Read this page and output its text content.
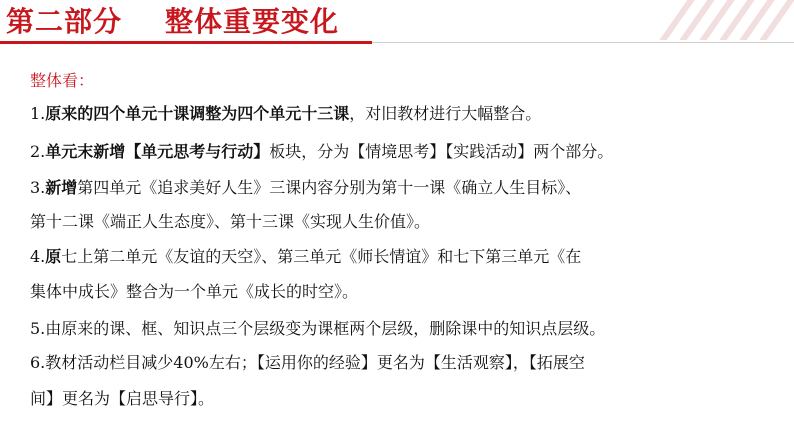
第二部分    整体重要变化
整体看：
1.原来的四个单元十课调整为四个单元十三课，对旧教材进行大幅整合。
2.单元末新增【单元思考与行动】板块，分为【情境思考】【实践活动】两个部分。
3.新增第四单元《追求美好人生》三课内容分别为第十一课《确立人生目标》、
第十二课《端正人生态度》、第十三课《实现人生价值》。
4.原七上第二单元《友谊的天空》、第三单元《师长情谊》和七下第三单元《在
集体中成长》整合为一个单元《成长的时空》。
5.由原来的课、框、知识点三个层级变为课框两个层级，删除课中的知识点层级。
6.教材活动栏目减少40%左右；【运用你的经验】更名为【生活观察】，【拓展空
间】更名为【启思导行】。
